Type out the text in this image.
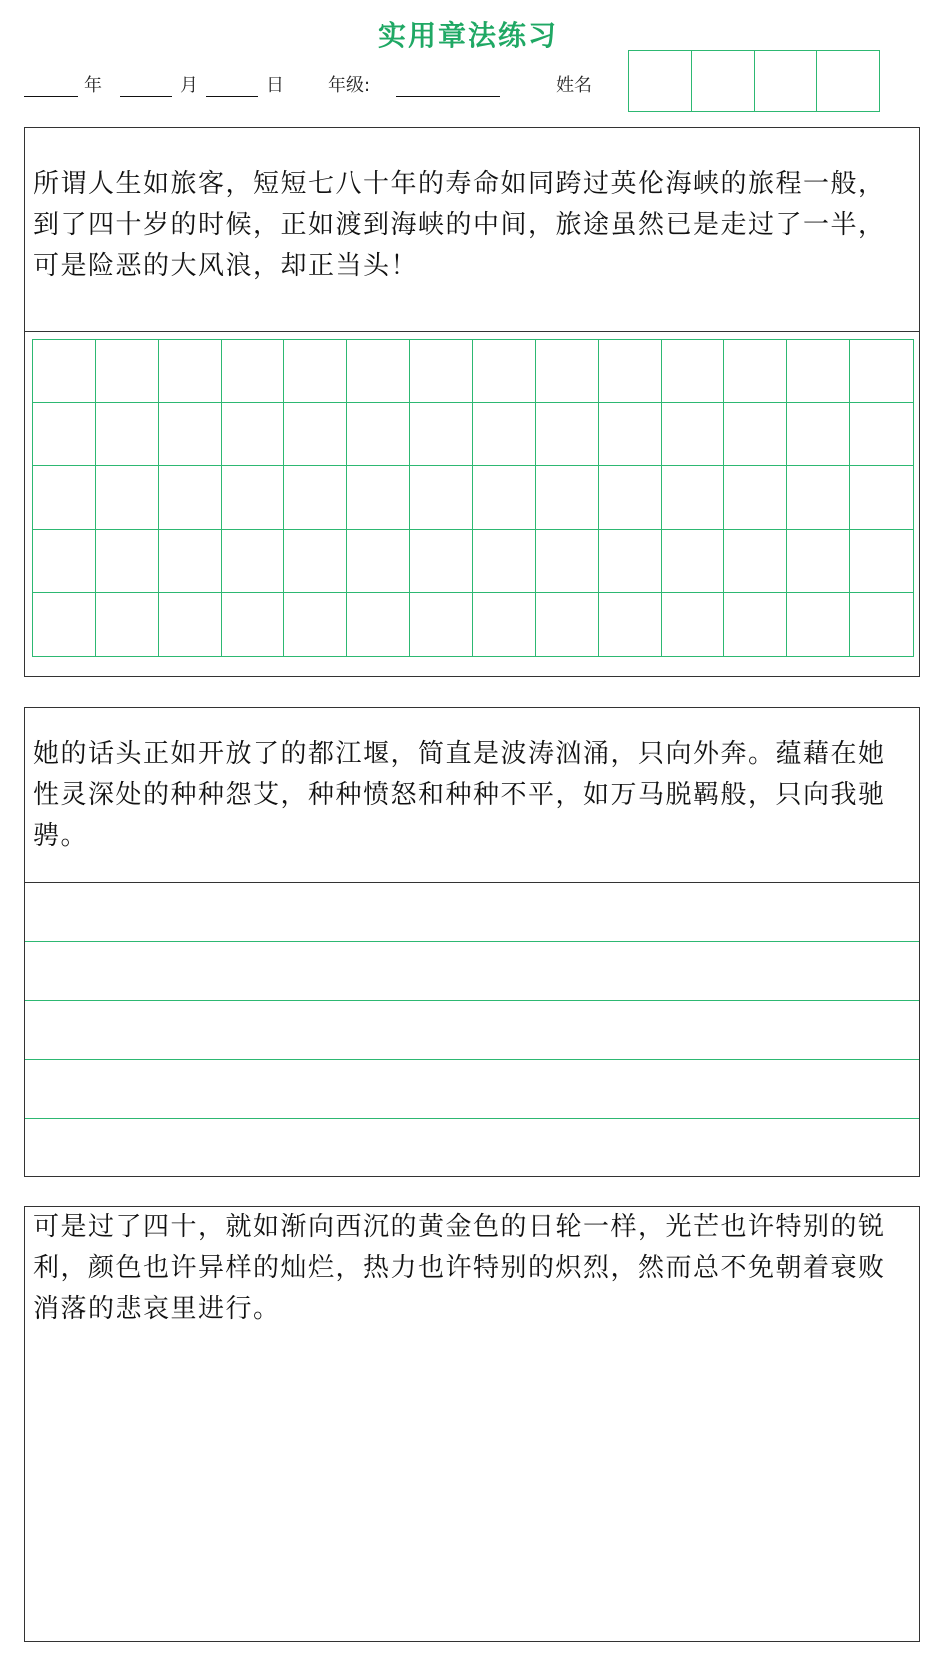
实用章法练习
年	月	日 年级:	姓名
所谓人生如旅客，短短七八十年的寿命如同跨过英伦海峡的旅程一般，到了四十岁的时候，正如渡到海峡的中间，旅途虽然已是走过了一半，可是险恶的大风浪，却正当头！
她的话头正如开放了的都江堰，简直是波涛汹涌，只向外奔。蕴藉在她性灵深处的种种怨艾，种种愤怒和种种不平，如万马脱羁般，只向我驰骋。
可是过了四十，就如渐向西沉的黄金色的日轮一样，光芒也许特别的锐利，颜色也许异样的灿烂，热力也许特别的炽烈，然而总不免朝着衰败消落的悲哀里进行。
